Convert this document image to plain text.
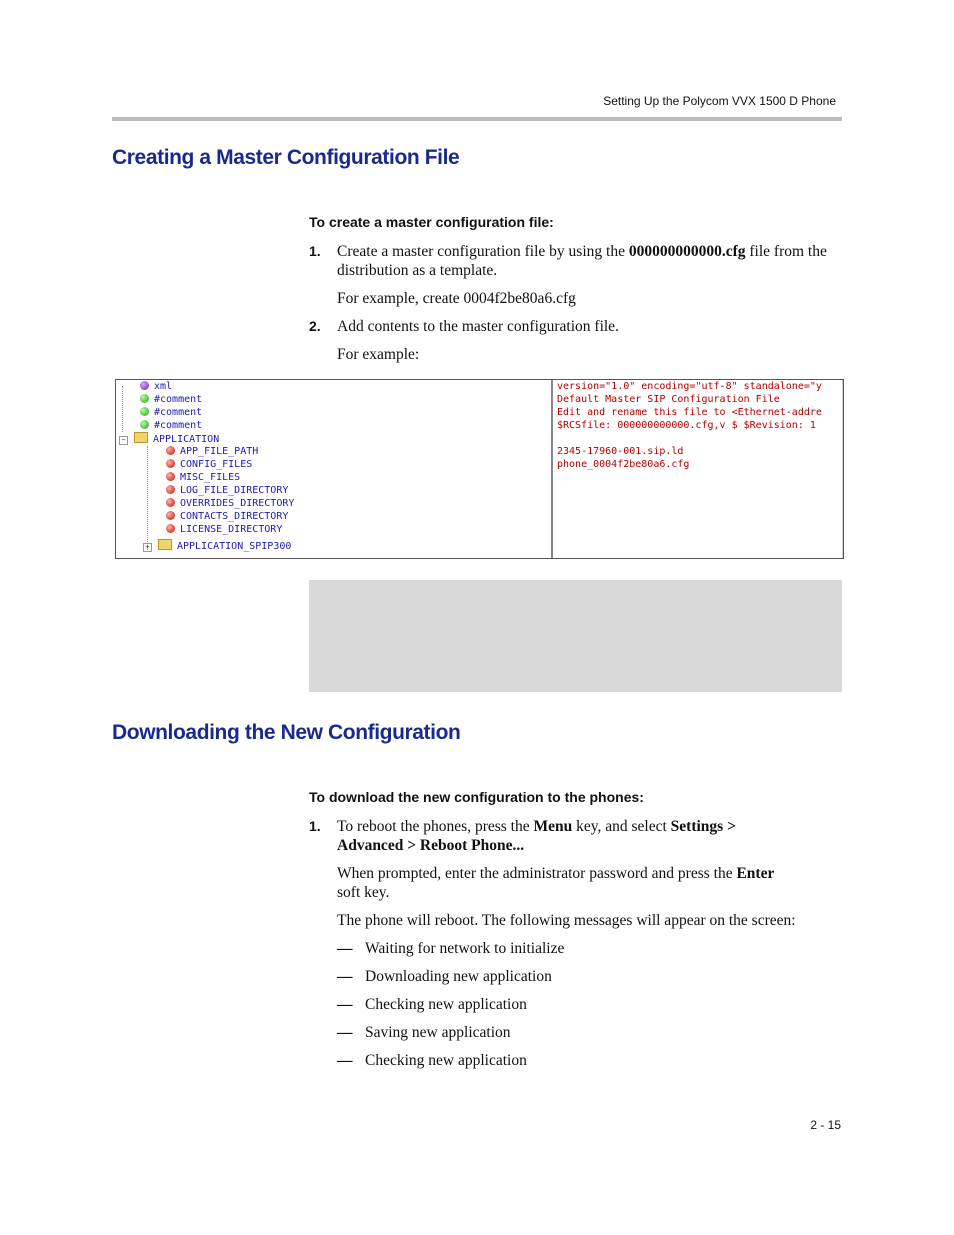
Setting Up the Polycom VVX 1500 D Phone
Creating a Master Configuration File
To create a master configuration file:
1. Create a master configuration file by using the 000000000000.cfg file from the distribution as a template.
For example, create 0004f2be80a6.cfg
2. Add contents to the master configuration file.
For example:
xml
#comment
#comment
#comment
−	APPLICATION
APP_FILE_PATH
CONFIG_FILES
MISC_FILES
LOG_FILE_DIRECTORY
OVERRIDES_DIRECTORY
CONTACTS_DIRECTORY
LICENSE_DIRECTORY
+	APPLICATION_SPIP300
version="1.0" encoding="utf-8" standalone="y
Default Master SIP Configuration File
Edit and rename this file to <Ethernet-addre
$RCSfile: 000000000000.cfg,v $ $Revision: 1
2345-17960-001.sip.ld
phone_0004f2be80a6.cfg
Downloading the New Configuration
To download the new configuration to the phones:
1. To reboot the phones, press the Menu key, and select Settings >
Advanced > Reboot Phone...
When prompted, enter the administrator password and press the Enter
soft key.
The phone will reboot. The following messages will appear on the screen:
— Waiting for network to initialize
— Downloading new application
— Checking new application
— Saving new application
— Checking new application
2 - 15
